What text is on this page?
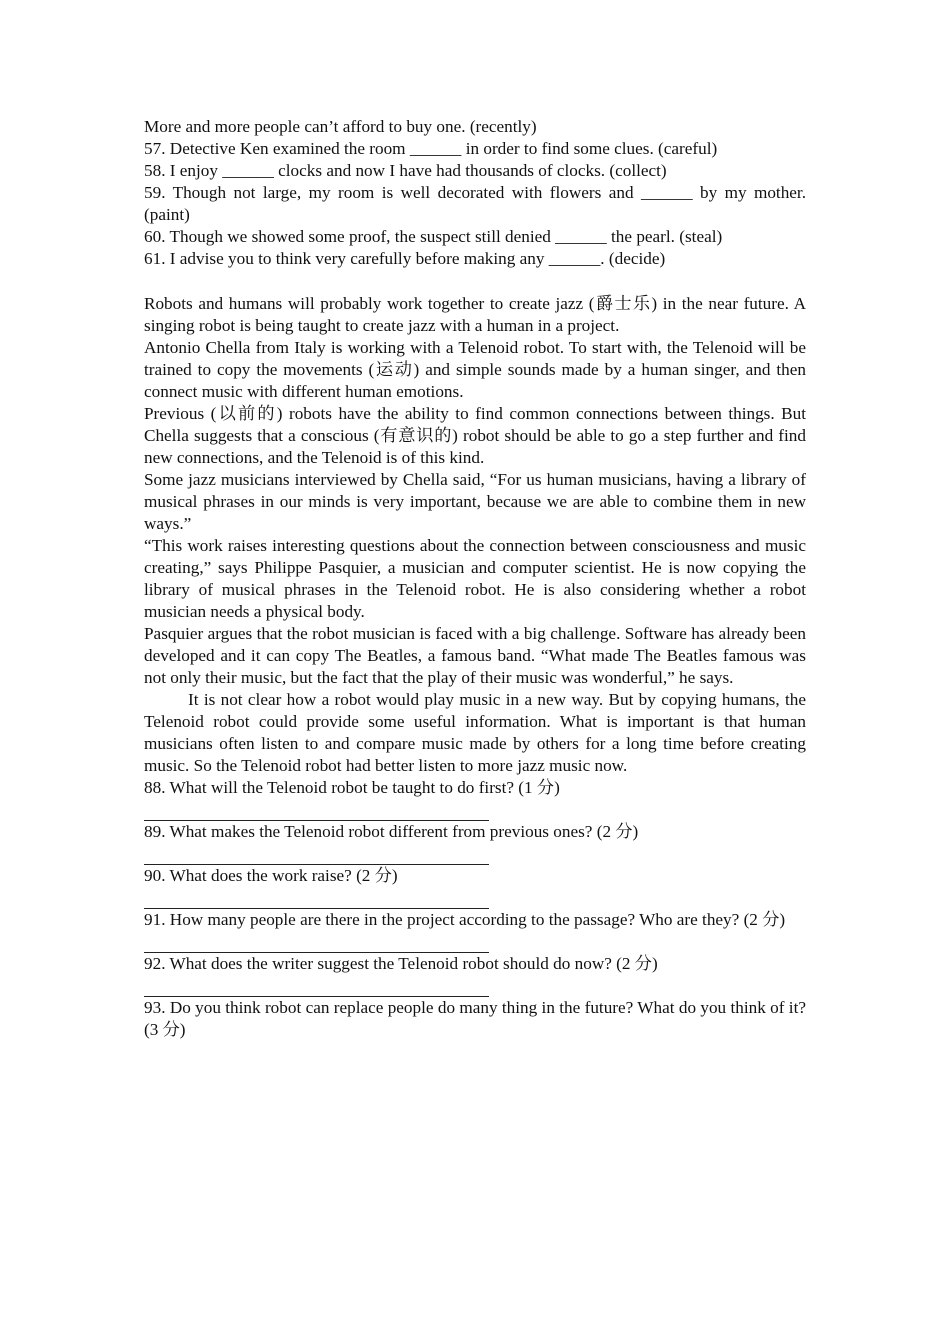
More and more people can’t afford to buy one. (recently)

57. Detective Ken examined the room ______ in order to find some clues. (careful)

58. I enjoy ______ clocks and now I have had thousands of clocks. (collect)

59. Though not large, my room is well decorated with flowers and ______ by my mother. (paint)

60. Though we showed some proof, the suspect still denied ______ the pearl. (steal)

61. I advise you to think very carefully before making any ______. (decide)

Robots and humans will probably work together to create jazz (爵士乐) in the near future. A singing robot is being taught to create jazz with a human in a project.

Antonio Chella from Italy is working with a Telenoid robot. To start with, the Telenoid will be trained to copy the movements (运动) and simple sounds made by a human singer, and then connect music with different human emotions.

Previous (以前的) robots have the ability to find common connections between things. But Chella suggests that a conscious (有意识的) robot should be able to go a step further and find new connections, and the Telenoid is of this kind.

Some jazz musicians interviewed by Chella said, “For us human musicians, having a library of musical phrases in our minds is very important, because we are able to combine them in new ways.”

“This work raises interesting questions about the connection between consciousness and music creating,” says Philippe Pasquier, a musician and computer scientist. He is now copying the library of musical phrases in the Telenoid robot. He is also considering whether a robot musician needs a physical body.

Pasquier argues that the robot musician is faced with a big challenge. Software has already been developed and it can copy The Beatles, a famous band. “What made The Beatles famous was not only their music, but the fact that the play of their music was wonderful,” he says.

It is not clear how a robot would play music in a new way. But by copying humans, the Telenoid robot could provide some useful information. What is important is that human musicians often listen to and compare music made by others for a long time before creating music. So the Telenoid robot had better listen to more jazz music now.

88. What will the Telenoid robot be taught to do first? (1 分)

89. What makes the Telenoid robot different from previous ones? (2 分)

90. What does the work raise? (2 分)

91. How many people are there in the project according to the passage? Who are they? (2 分)

92. What does the writer suggest the Telenoid robot should do now? (2 分)

93. Do you think robot can replace people do many thing in the future? What do you think of it? (3 分)
